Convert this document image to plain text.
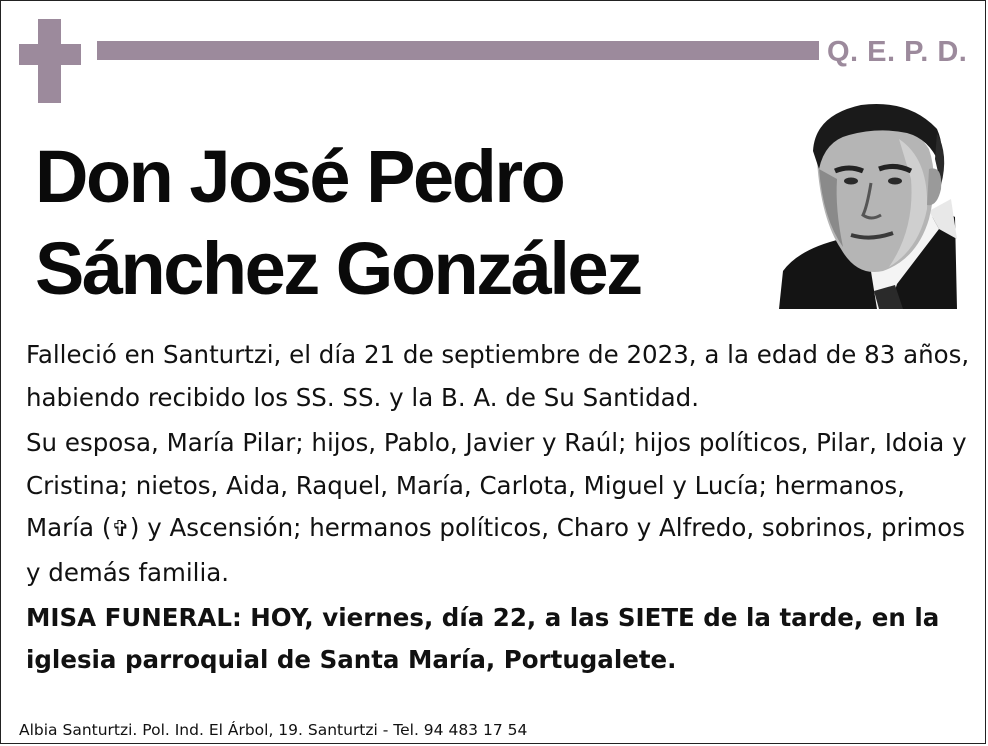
Q. E. P. D.
Don José Pedro
Sánchez González

Falleció en Santurtzi, el día 21 de septiembre de 2023, a la edad de 83 años, habiendo recibido los SS. SS. y la B. A. de Su Santidad.

Su esposa, María Pilar; hijos, Pablo, Javier y Raúl; hijos políticos, Pilar, Idoia y Cristina; nietos, Aida, Raquel, María, Carlota, Miguel y Lucía; hermanos, María (✞) y Ascensión; hermanos políticos, Charo y Alfredo, sobrinos, primos y demás familia.

MISA FUNERAL: HOY, viernes, día 22, a las SIETE de la tarde, en la iglesia parroquial de Santa María, Portugalete.

Albia Santurtzi. Pol. Ind. El Árbol, 19. Santurtzi - Tel. 94 483 17 54
